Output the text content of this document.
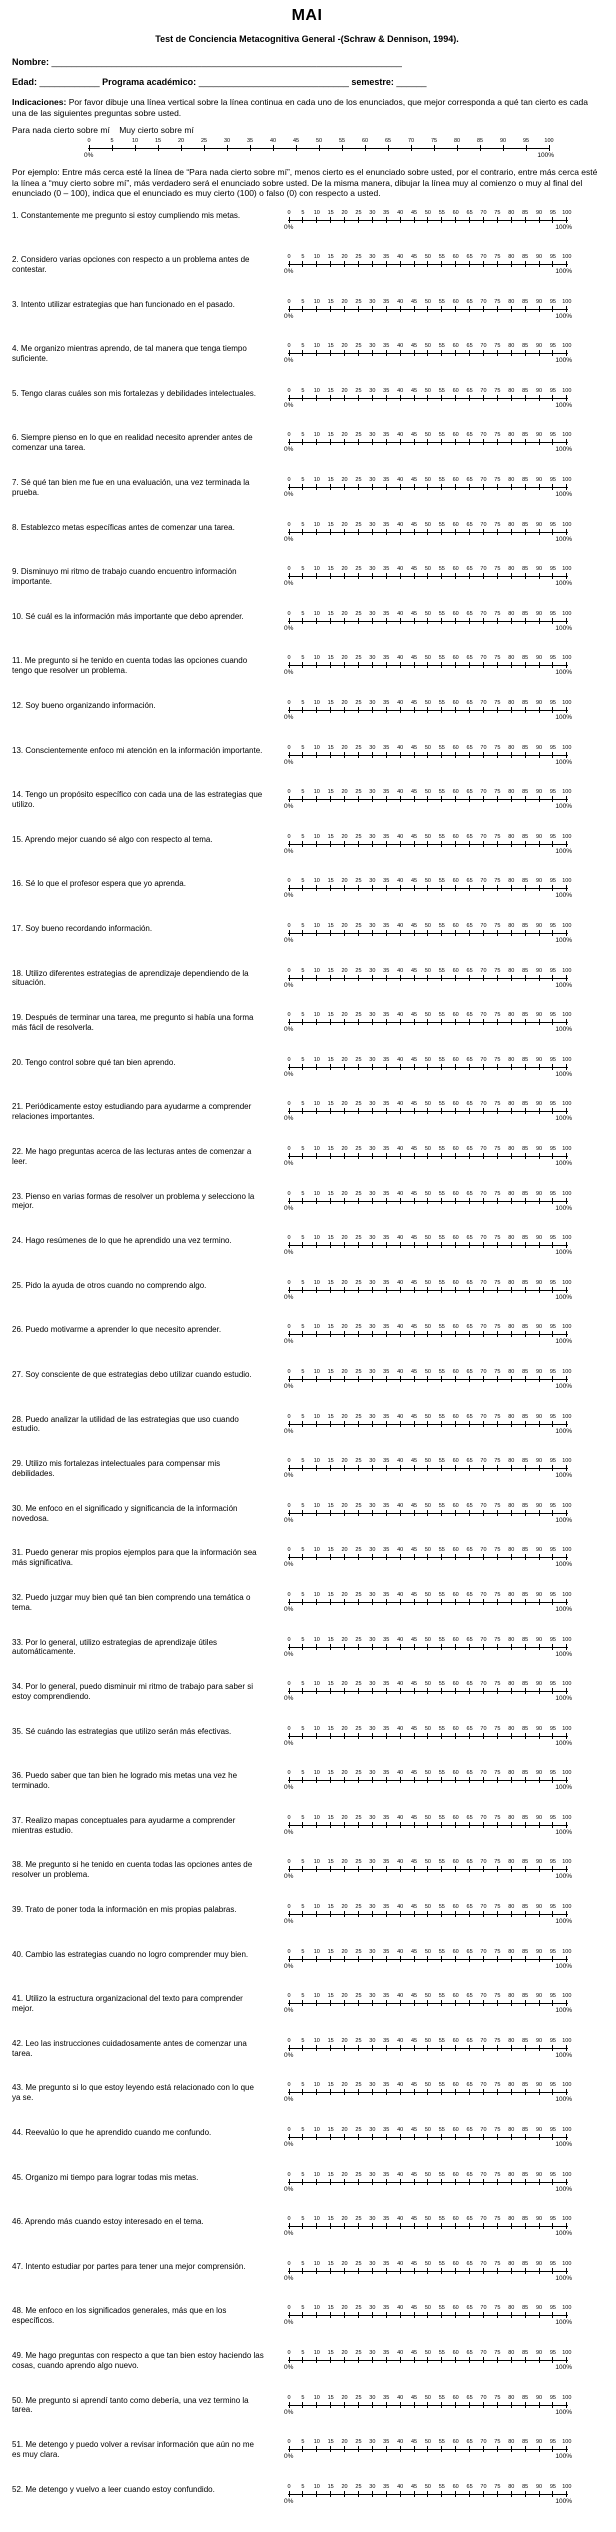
MAI
Test de Conciencia Metacognitiva General -(Schraw & Dennison, 1994).
Nombre: ______________________________________________________________________
Edad: ____________ Programa académico: ______________________________ semestre: ______

Indicaciones: Por favor dibuje una línea vertical sobre la línea continua en cada uno de los enunciados, que mejor corresponda a qué tan cierto es cada una de las siguientes preguntas sobre usted.

Para nada cierto sobre mí Muy cierto sobre mí
0	5	10	15	20	25	30	35	40	45	50	55	60	65	70	75	80	85	90	95	100
0%	100%

Por ejemplo: Entre más cerca esté la línea de “Para nada cierto sobre mí”, menos cierto es el enunciado sobre usted, por el contrario, entre más cerca esté la línea a “muy cierto sobre mí”, más verdadero será el enunciado sobre usted. De la misma manera, dibujar la línea muy al comienzo o muy al final del enunciado (0 – 100), indica que el enunciado es muy cierto (100) o falso (0) con respecto a usted.

1. Constantemente me pregunto si estoy cumpliendo mis metas.	0 5 10 15 20 25 30 35 40 45 50 55 60 65 70 75 80 85 90 95 100
0%	100%
2. Considero varias opciones con respecto a un problema antes de contestar.
0 5 10 15 20 25 30 35 40 45 50 55 60 65 70 75 80 85 90 95 100
0%	100%
3. Intento utilizar estrategias que han funcionado en el pasado.	0 5 10 15 20 25 30 35 40 45 50 55 60 65 70 75 80 85 90 95 100
0%	100%
4. Me organizo mientras aprendo, de tal manera que tenga tiempo suficiente.
0 5 10 15 20 25 30 35 40 45 50 55 60 65 70 75 80 85 90 95 100
0%	100%
5. Tengo claras cuáles son mis fortalezas y debilidades intelectuales.	0 5 10 15 20 25 30 35 40 45 50 55 60 65 70 75 80 85 90 95 100
0%	100%
6. Siempre pienso en lo que en realidad necesito aprender antes de comenzar una tarea.
0 5 10 15 20 25 30 35 40 45 50 55 60 65 70 75 80 85 90 95 100
0%	100%
7. Sé qué tan bien me fue en una evaluación, una vez terminada la prueba.
0 5 10 15 20 25 30 35 40 45 50 55 60 65 70 75 80 85 90 95 100
0%	100%
8. Establezco metas específicas antes de comenzar una tarea.	0 5 10 15 20 25 30 35 40 45 50 55 60 65 70 75 80 85 90 95 100
0%	100%
9. Disminuyo mi ritmo de trabajo cuando encuentro información importante.
0 5 10 15 20 25 30 35 40 45 50 55 60 65 70 75 80 85 90 95 100
0%	100%
10. Sé cuál es la información más importante que debo aprender.	0 5 10 15 20 25 30 35 40 45 50 55 60 65 70 75 80 85 90 95 100
0%	100%
11. Me pregunto si he tenido en cuenta todas las opciones cuando tengo que resolver un problema.
0 5 10 15 20 25 30 35 40 45 50 55 60 65 70 75 80 85 90 95 100
0%	100%
12. Soy bueno organizando información.	0 5 10 15 20 25 30 35 40 45 50 55 60 65 70 75 80 85 90 95 100
0%	100%
13. Conscientemente enfoco mi atención en la información importante.	0 5 10 15 20 25 30 35 40 45 50 55 60 65 70 75 80 85 90 95 100
0%	100%
14. Tengo un propósito específico con cada una de las estrategias que utilizo.
0 5 10 15 20 25 30 35 40 45 50 55 60 65 70 75 80 85 90 95 100
0%	100%
15. Aprendo mejor cuando sé algo con respecto al tema.	0 5 10 15 20 25 30 35 40 45 50 55 60 65 70 75 80 85 90 95 100
0%	100%
16. Sé lo que el profesor espera que yo aprenda.	0 5 10 15 20 25 30 35 40 45 50 55 60 65 70 75 80 85 90 95 100
0%	100%
17. Soy bueno recordando información.	0 5 10 15 20 25 30 35 40 45 50 55 60 65 70 75 80 85 90 95 100
0%	100%
18. Utilizo diferentes estrategias de aprendizaje dependiendo de la situación.
0 5 10 15 20 25 30 35 40 45 50 55 60 65 70 75 80 85 90 95 100
0%	100%
19. Después de terminar una tarea, me pregunto si había una forma más fácil de resolverla.
0 5 10 15 20 25 30 35 40 45 50 55 60 65 70 75 80 85 90 95 100
0%	100%
20. Tengo control sobre qué tan bien aprendo.	0 5 10 15 20 25 30 35 40 45 50 55 60 65 70 75 80 85 90 95 100
0%	100%
21. Periódicamente estoy estudiando para ayudarme a comprender relaciones importantes.
0 5 10 15 20 25 30 35 40 45 50 55 60 65 70 75 80 85 90 95 100
0%	100%
22. Me hago preguntas acerca de las lecturas antes de comenzar a leer.
0 5 10 15 20 25 30 35 40 45 50 55 60 65 70 75 80 85 90 95 100
0%	100%
23. Pienso en varias formas de resolver un problema y selecciono la mejor.
0 5 10 15 20 25 30 35 40 45 50 55 60 65 70 75 80 85 90 95 100
0%	100%
24. Hago resúmenes de lo que he aprendido una vez termino.	0 5 10 15 20 25 30 35 40 45 50 55 60 65 70 75 80 85 90 95 100
0%	100%
25. Pido la ayuda de otros cuando no comprendo algo.	0 5 10 15 20 25 30 35 40 45 50 55 60 65 70 75 80 85 90 95 100
0%	100%
26. Puedo motivarme a aprender lo que necesito aprender.	0 5 10 15 20 25 30 35 40 45 50 55 60 65 70 75 80 85 90 95 100
0%	100%
27. Soy consciente de que estrategias debo utilizar cuando estudio.	0 5 10 15 20 25 30 35 40 45 50 55 60 65 70 75 80 85 90 95 100
0%	100%
28. Puedo analizar la utilidad de las estrategias que uso cuando estudio.
0 5 10 15 20 25 30 35 40 45 50 55 60 65 70 75 80 85 90 95 100
0%	100%
29. Utilizo mis fortalezas intelectuales para compensar mis debilidades.
0 5 10 15 20 25 30 35 40 45 50 55 60 65 70 75 80 85 90 95 100
0%	100%
30. Me enfoco en el significado y significancia de la información novedosa.
0 5 10 15 20 25 30 35 40 45 50 55 60 65 70 75 80 85 90 95 100
0%	100%
31. Puedo generar mis propios ejemplos para que la información sea más significativa.
0 5 10 15 20 25 30 35 40 45 50 55 60 65 70 75 80 85 90 95 100
0%	100%
32. Puedo juzgar muy bien qué tan bien comprendo una temática o tema.
0 5 10 15 20 25 30 35 40 45 50 55 60 65 70 75 80 85 90 95 100
0%	100%
33. Por lo general, utilizo estrategias de aprendizaje útiles automáticamente.
0 5 10 15 20 25 30 35 40 45 50 55 60 65 70 75 80 85 90 95 100
0%	100%
34. Por lo general, puedo disminuir mi ritmo de trabajo para saber si estoy comprendiendo.
0 5 10 15 20 25 30 35 40 45 50 55 60 65 70 75 80 85 90 95 100
0%	100%
35. Sé cuándo las estrategias que utilizo serán más efectivas.	0 5 10 15 20 25 30 35 40 45 50 55 60 65 70 75 80 85 90 95 100
0%	100%
36. Puedo saber que tan bien he logrado mis metas una vez he terminado.
0 5 10 15 20 25 30 35 40 45 50 55 60 65 70 75 80 85 90 95 100
0%	100%
37. Realizo mapas conceptuales para ayudarme a comprender mientras estudio.
0 5 10 15 20 25 30 35 40 45 50 55 60 65 70 75 80 85 90 95 100
0%	100%
38. Me pregunto si he tenido en cuenta todas las opciones antes de resolver un problema.
0 5 10 15 20 25 30 35 40 45 50 55 60 65 70 75 80 85 90 95 100
0%	100%
39. Trato de poner toda la información en mis propias palabras.	0 5 10 15 20 25 30 35 40 45 50 55 60 65 70 75 80 85 90 95 100
0%	100%
40. Cambio las estrategias cuando no logro comprender muy bien.	0 5 10 15 20 25 30 35 40 45 50 55 60 65 70 75 80 85 90 95 100
0%	100%
41. Utilizo la estructura organizacional del texto para comprender mejor.
0 5 10 15 20 25 30 35 40 45 50 55 60 65 70 75 80 85 90 95 100
0%	100%
42. Leo las instrucciones cuidadosamente antes de comenzar una tarea.
0 5 10 15 20 25 30 35 40 45 50 55 60 65 70 75 80 85 90 95 100
0%	100%
43. Me pregunto si lo que estoy leyendo está relacionado con lo que ya se.
0 5 10 15 20 25 30 35 40 45 50 55 60 65 70 75 80 85 90 95 100
0%	100%
44. Reevalúo lo que he aprendido cuando me confundo.	0 5 10 15 20 25 30 35 40 45 50 55 60 65 70 75 80 85 90 95 100
0%	100%
45. Organizo mi tiempo para lograr todas mis metas.	0 5 10 15 20 25 30 35 40 45 50 55 60 65 70 75 80 85 90 95 100
0%	100%
46. Aprendo más cuando estoy interesado en el tema.	0 5 10 15 20 25 30 35 40 45 50 55 60 65 70 75 80 85 90 95 100
0%	100%
47. Intento estudiar por partes para tener una mejor comprensión.	0 5 10 15 20 25 30 35 40 45 50 55 60 65 70 75 80 85 90 95 100
0%	100%
48. Me enfoco en los significados generales, más que en los específicos.
0 5 10 15 20 25 30 35 40 45 50 55 60 65 70 75 80 85 90 95 100
0%	100%
49. Me hago preguntas con respecto a que tan bien estoy haciendo las cosas, cuando aprendo algo nuevo.
0 5 10 15 20 25 30 35 40 45 50 55 60 65 70 75 80 85 90 95 100
0%	100%
50. Me pregunto si aprendí tanto como debería, una vez termino la tarea.
0 5 10 15 20 25 30 35 40 45 50 55 60 65 70 75 80 85 90 95 100
0%	100%
51. Me detengo y puedo volver a revisar información que aún no me es muy clara.
0 5 10 15 20 25 30 35 40 45 50 55 60 65 70 75 80 85 90 95 100
0%	100%
52. Me detengo y vuelvo a leer cuando estoy confundido.	0 5 10 15 20 25 30 35 40 45 50 55 60 65 70 75 80 85 90 95 100
0%	100%
